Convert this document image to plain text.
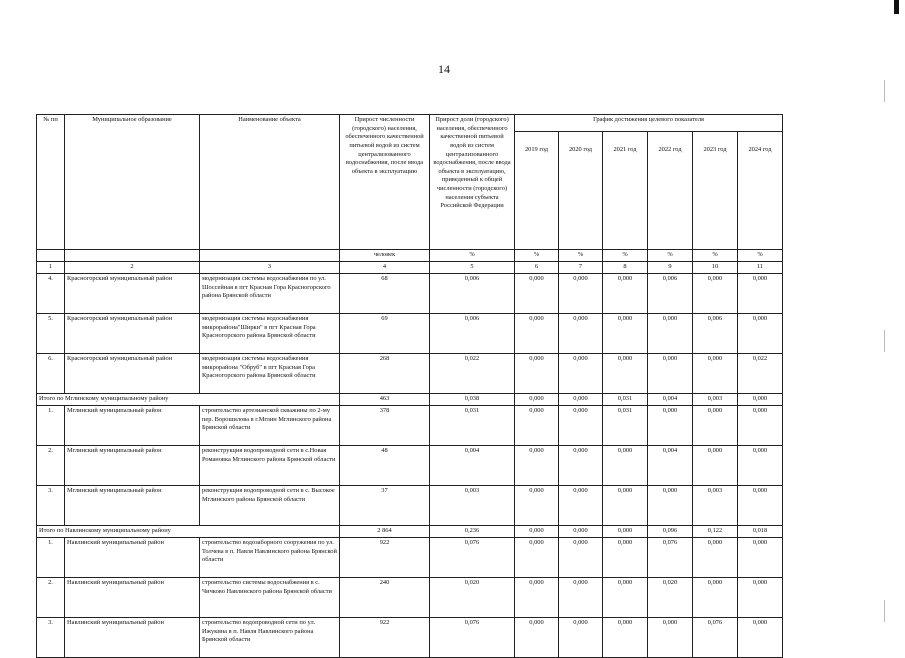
14
№ пп	Муниципальное образование	Наименование объекта	Прирост численности (городского) населения, обеспеченного качественной питьевой водой из систем централизованного водоснабжения, после ввода объекта в эксплуатацию	Прирост доли (городского) населения, обеспеченного качественной питьевой водой из систем централизованного водоснабжения, после ввода объекта в эксплуатацию, приведенный к общей численности (городского) населения субъекта Российской Федерации	График достижения целевого показателя					
					2019 год	2020 год	2021 год	2022 год	2023 год	2024 год
			человек	%	%	%	%	%	%	%
1	2	3	4	5	6	7	8	9	10	11
4.	Красногорский муниципальный район	модернизация системы водоснабжения по ул. Шоссейная в пгт Красная Гора Красногорского района Брянской области	68	0,006	0,000	0,000	0,000	0,006	0,000	0,000
5.	Красногорский муниципальный район	модернизация системы водоснабжения микрорайона"Ширки" в пгт Красная Гора Красногорского района Брянской области	69	0,006	0,000	0,000	0,000	0,000	0,006	0,000
6.	Красногорский муниципальный район	модернизация системы водоснабжения микрорайона "Обруб" в пгт Красная Гора Красногорского района Брянской области	268	0,022	0,000	0,000	0,000	0,000	0,000	0,022
Итого по Мглинскому муниципальному району			463	0,038	0,000	0,000	0,031	0,004	0,003	0,000
1.	Мглинский муниципальный район	строительство артезианской скважины по 2-му пер. Ворошилова в г.Мглин Мглинского района Брянской области	378	0,031	0,000	0,000	0,031	0,000	0,000	0,000
2.	Мглинский муниципальный район	реконструкция водопроводной сети в с.Новая Романовка Мглинского района Брянской области	48	0,004	0,000	0,000	0,000	0,004	0,000	0,000
3.	Мглинский муниципальный район	реконструкция водопроводной сети в с. Высокое Мглинского района Брянской области	37	0,003	0,000	0,000	0,000	0,000	0,003	0,000
Итого по Навлинскому муниципальному району			2 864	0,236	0,000	0,000	0,000	0,096	0,122	0,018
1.	Навлинский муниципальный район	строительство водозаборного сооружения по ул. Толчева в п. Навля Навлинского района Брянской области	922	0,076	0,000	0,000	0,000	0,076	0,000	0,000
2.	Навлинский муниципальный район	строительство системы водоснабжения в с. Чичково Навлинского района Брянской области	240	0,020	0,000	0,000	0,000	0,020	0,000	0,000
3.	Навлинский муниципальный район	строительство водопроводной сети по ул. Ижукина в п. Навля Навлинского района Брянской области	922	0,076	0,000	0,000	0,000	0,000	0,076	0,000
